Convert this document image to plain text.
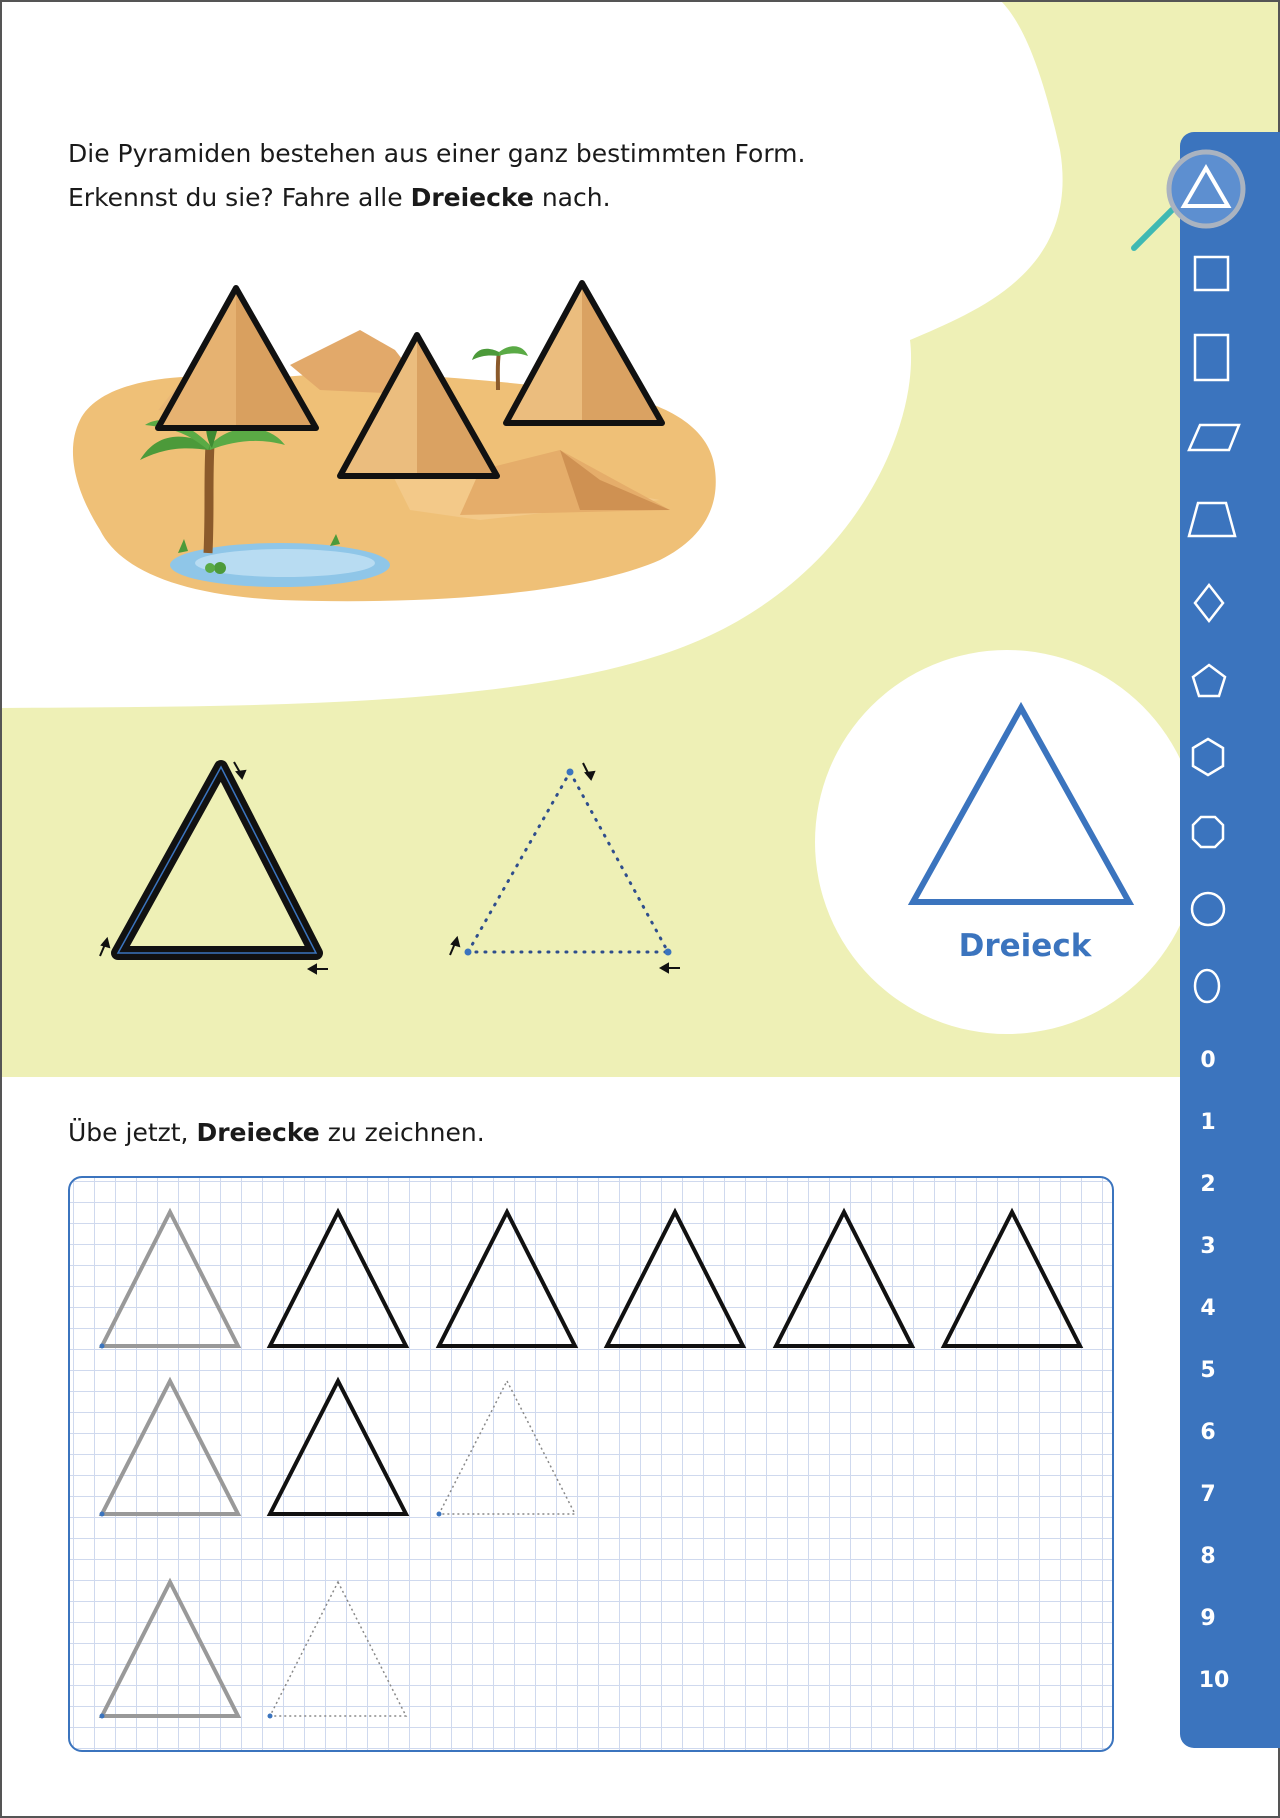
Die Pyramiden bestehen aus einer ganz bestimmten Form.
Erkennst du sie? Fahre alle Dreiecke nach.
Dreieck
Übe jetzt, Dreiecke zu zeichnen.
0
1
2
3
4
5
6
7
8
9
10
